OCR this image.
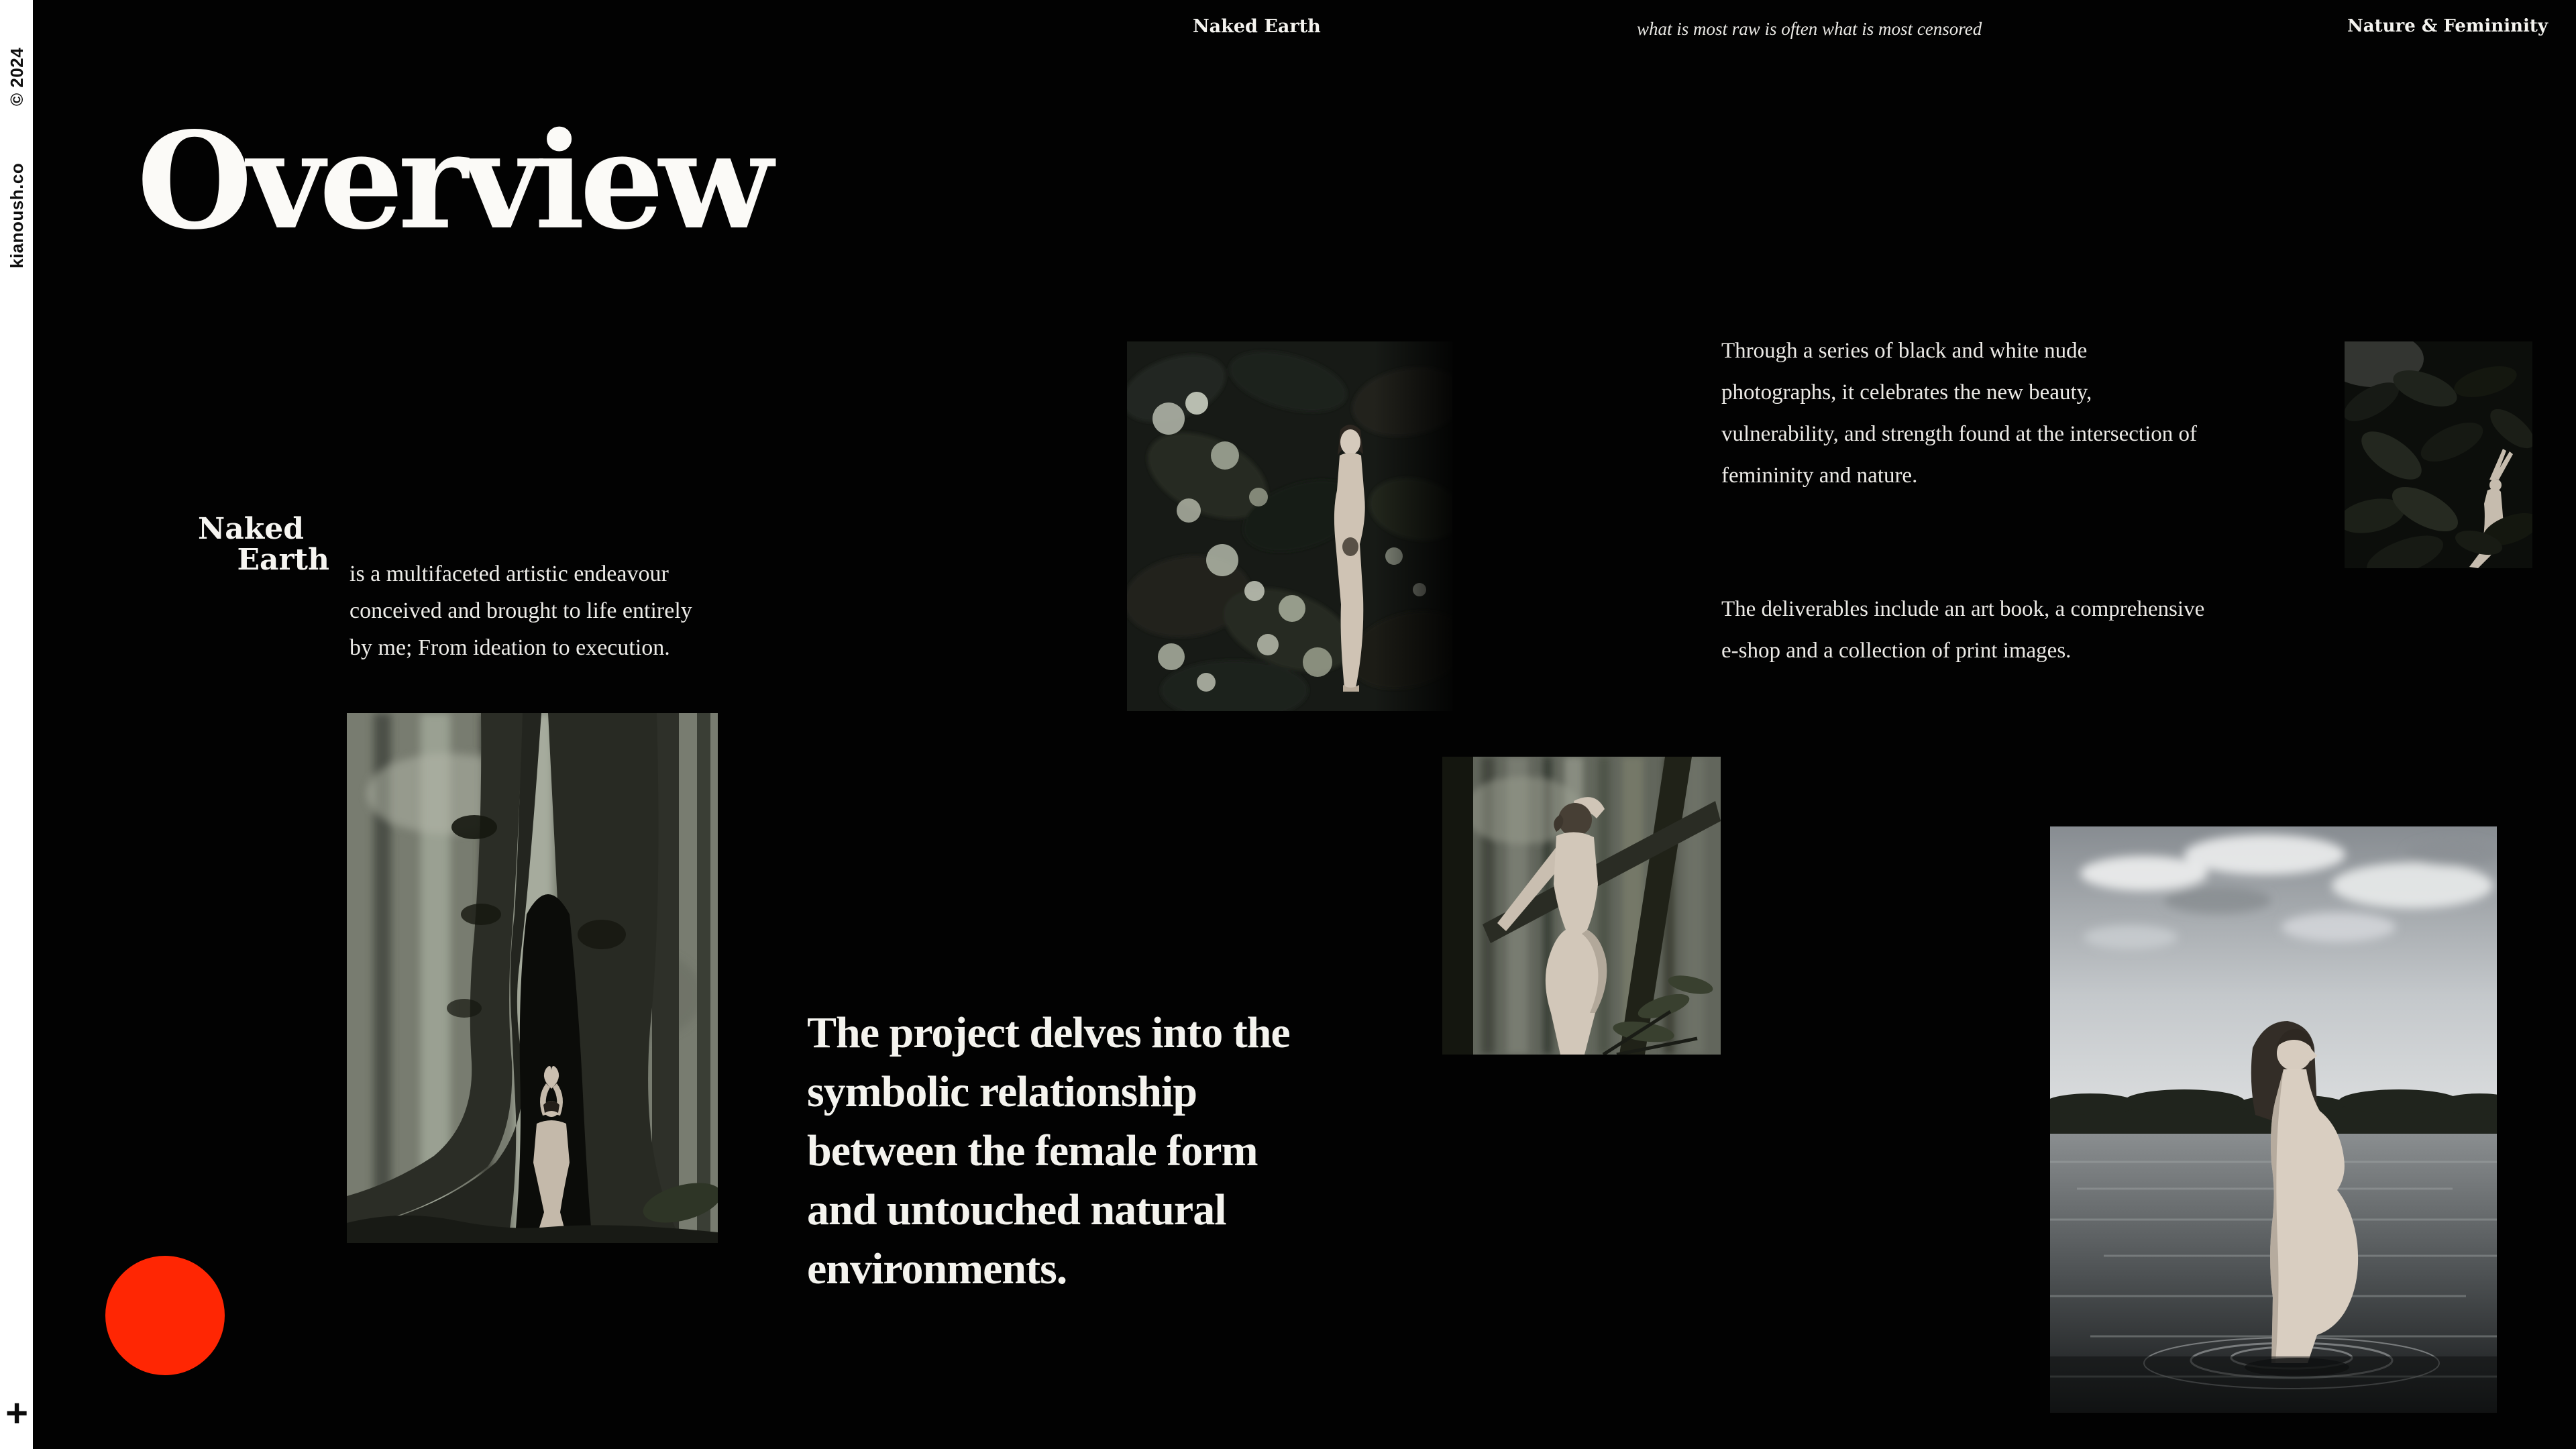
© 2024
kianoush.co
+
Naked Earth	what is most raw is often what is most censored	Nature & Femininity
Overview
Naked
Earth is a multifaceted artistic endeavour
conceived and brought to life entirely
by me; From ideation to execution.
Through a series of black and white nude
photographs, it celebrates the new beauty,
vulnerability, and strength found at the intersection of
femininity and nature.
The deliverables include an art book, a comprehensive
e-shop and a collection of print images.
The project delves into the
symbolic relationship
between the female form
and untouched natural
environments.
